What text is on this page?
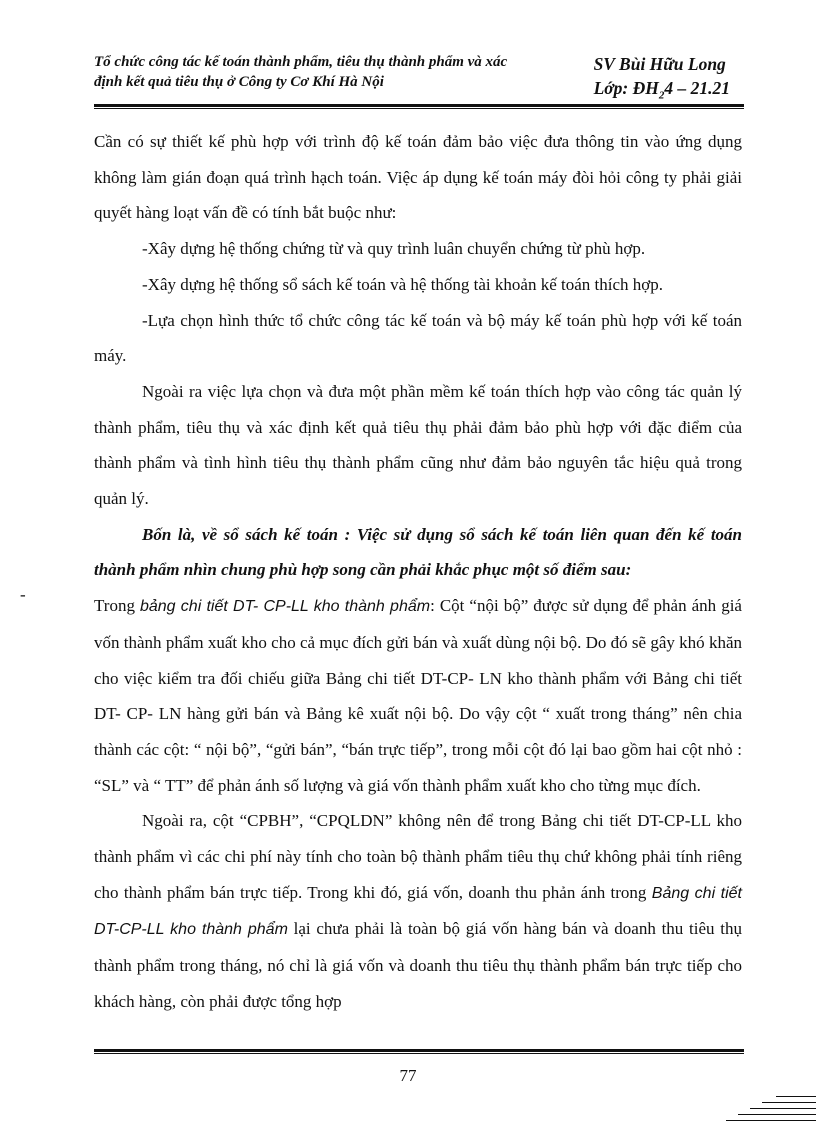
Tổ chức công tác kế toán thành phẩm, tiêu thụ thành phẩm và xác
định kết quả tiêu thụ ở Công ty Cơ Khí Hà Nội
SV Bùi Hữu Long
Lớp: $ĐH_24 - 21.21$
-

Cần có sự thiết kế phù hợp với trình độ kế toán đảm bảo việc đưa thông tin vào ứng dụng không làm gián đoạn quá trình hạch toán. Việc áp dụng kế toán máy đòi hỏi công ty phải giải quyết hàng loạt vấn đề có tính bắt buộc như:

-Xây dựng hệ thống chứng từ và quy trình luân chuyển chứng từ phù hợp.

-Xây dựng hệ thống sổ sách kế toán và hệ thống tài khoản kế toán thích hợp.

-Lựa chọn hình thức tổ chức công tác kế toán và bộ máy kế toán phù hợp với kế toán máy.

Ngoài ra việc lựa chọn và đưa một phần mềm kế toán thích hợp vào công tác quản lý thành phẩm, tiêu thụ và xác định kết quả tiêu thụ phải đảm bảo phù hợp với đặc điểm của thành phẩm và tình hình tiêu thụ thành phẩm cũng như đảm bảo nguyên tắc hiệu quả trong quản lý.

Bốn là, về sổ sách kế toán : Việc sử dụng sổ sách kế toán liên quan đến kế toán thành phẩm nhìn chung phù hợp song cần phải khắc phục một số điểm sau:

Trong bảng chi tiết DT- CP-LL kho thành phẩm: Cột “nội bộ” được sử dụng để phản ánh giá vốn thành phẩm xuất kho cho cả mục đích gửi bán và xuất dùng nội bộ. Do đó sẽ gây khó khăn cho việc kiểm tra đối chiếu giữa Bảng chi tiết DT-CP- LN kho thành phẩm với Bảng chi tiết DT- CP- LN hàng gửi bán và Bảng kê xuất nội bộ. Do vậy cột “ xuất trong tháng” nên chia thành các cột: “ nội bộ”, “gửi bán”, “bán trực tiếp”, trong mỗi cột đó lại bao gồm hai cột nhỏ : “SL” và “ TT” để phản ánh số lượng và giá vốn thành phẩm xuất kho cho từng mục đích.

Ngoài ra, cột “CPBH”, “CPQLDN” không nên để trong Bảng chi tiết DT-CP-LL kho thành phẩm vì các chi phí này tính cho toàn bộ thành phẩm tiêu thụ chứ không phải tính riêng cho thành phẩm bán trực tiếp. Trong khi đó, giá vốn, doanh thu phản ánh trong Bảng chi tiết DT-CP-LL kho thành phẩm lại chưa phải là toàn bộ giá vốn hàng bán và doanh thu tiêu thụ thành phẩm trong tháng, nó chỉ là giá vốn và doanh thu tiêu thụ thành phẩm bán trực tiếp cho khách hàng, còn phải được tổng hợp

77
